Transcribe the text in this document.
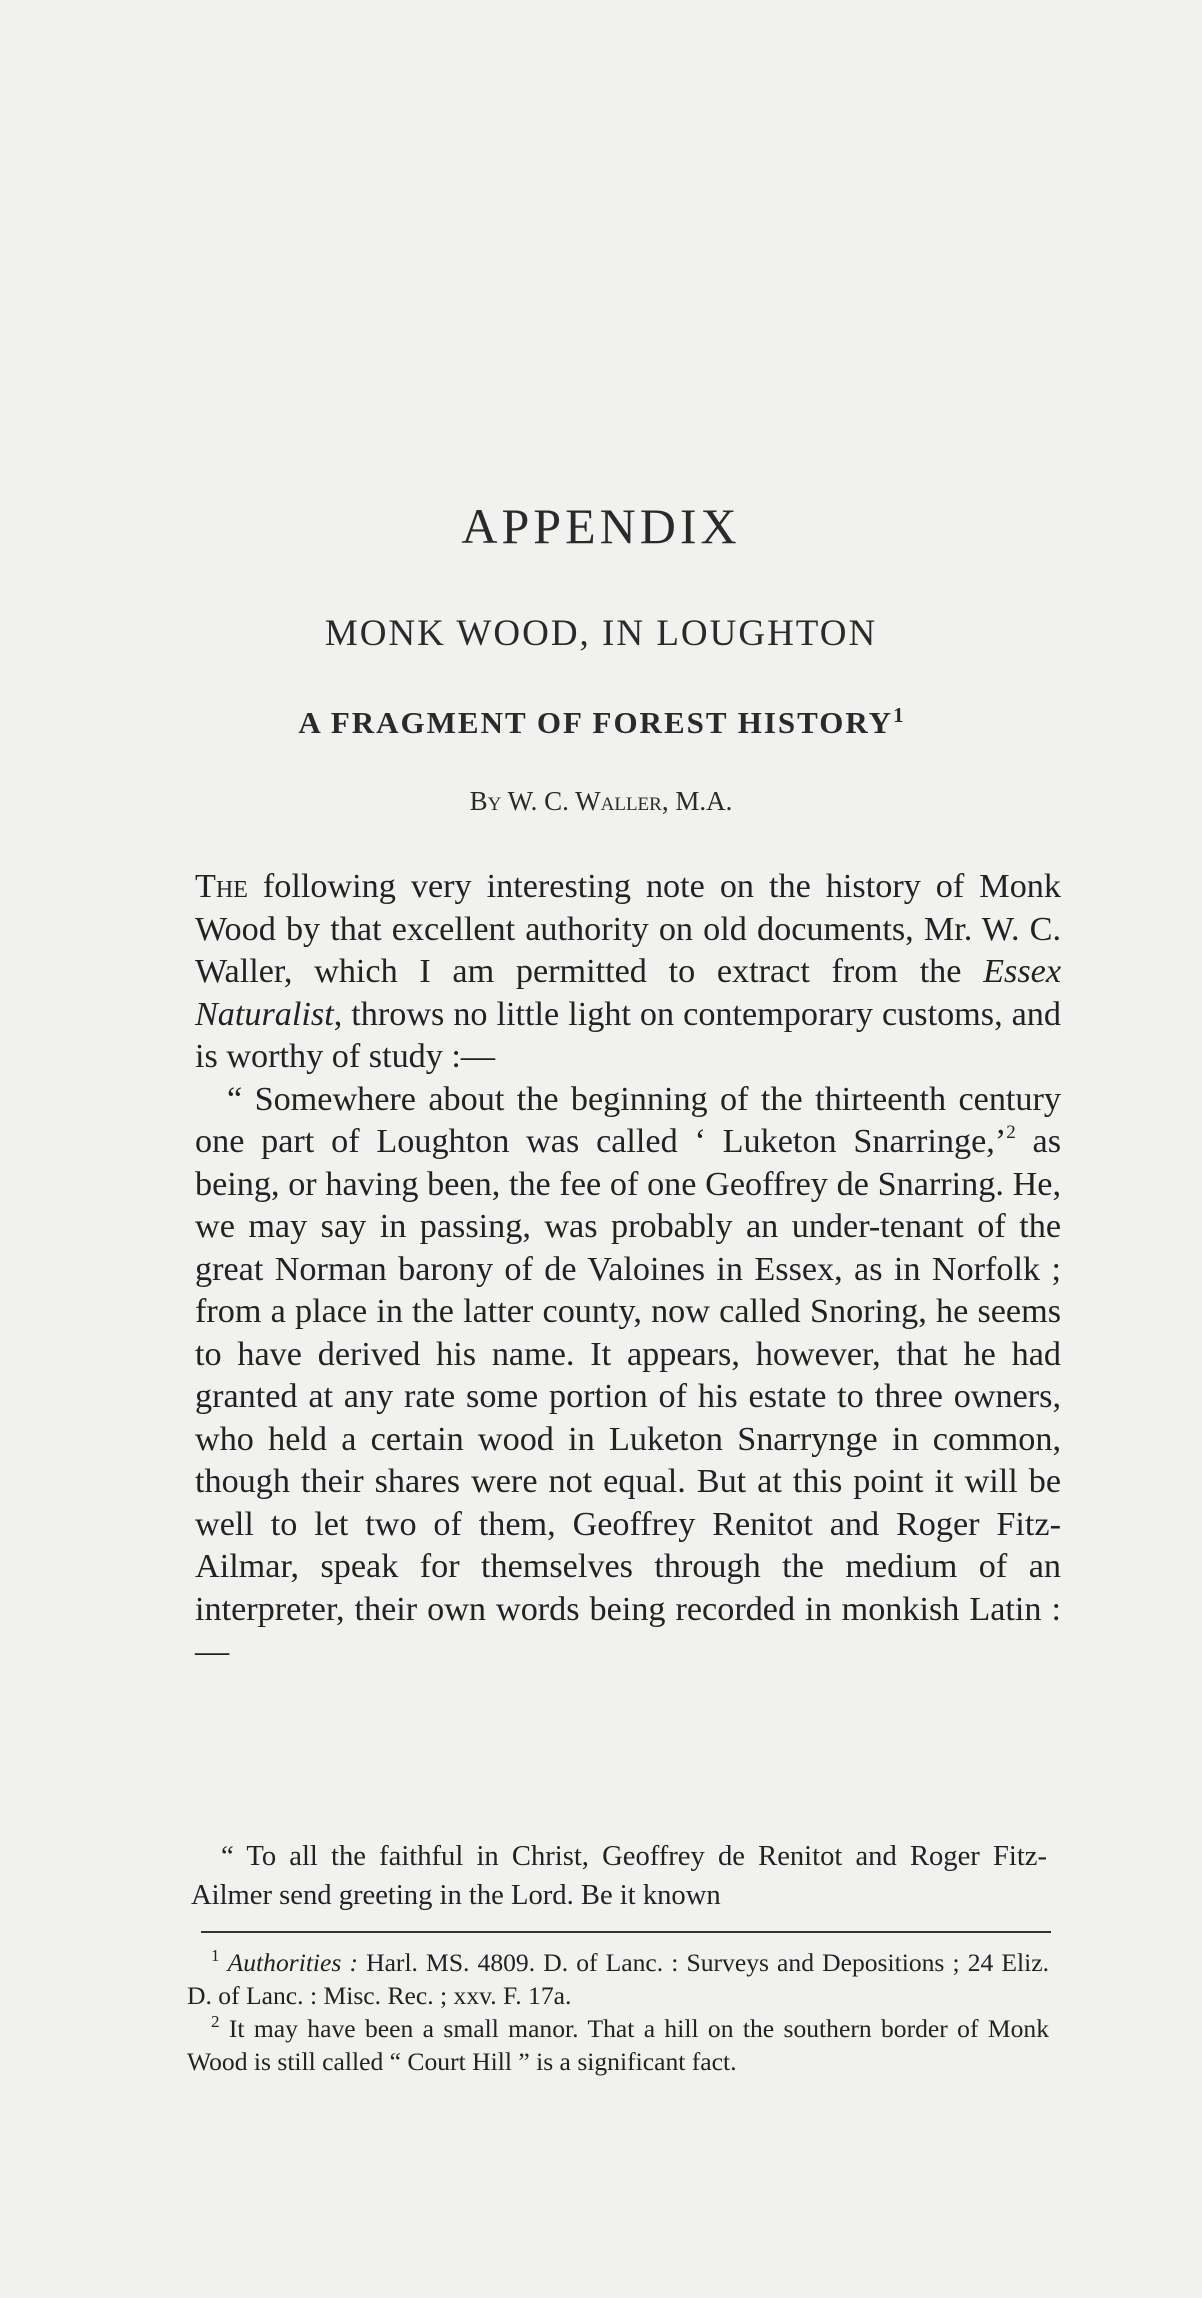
APPENDIX
MONK WOOD, IN LOUGHTON
A FRAGMENT OF FOREST HISTORY$^1$
By W. C. Waller, M.A.

The following very interesting note on the history of Monk Wood by that excellent authority on old documents, Mr. W. C. Waller, which I am permitted to extract from the Essex Naturalist, throws no little light on contemporary customs, and is worthy of study :—

“ Somewhere about the beginning of the thirteenth century one part of Loughton was called ‘ Luketon Snarringe,’$^2$ as being, or having been, the fee of one Geoffrey de Snarring. He, we may say in passing, was probably an under-tenant of the great Norman barony of de Valoines in Essex, as in Norfolk ; from a place in the latter county, now called Snoring, he seems to have derived his name. It appears, however, that he had granted at any rate some portion of his estate to three owners, who held a certain wood in Luketon Snarrynge in common, though their shares were not equal. But at this point it will be well to let two of them, Geoffrey Renitot and Roger Fitz-Ailmar, speak for themselves through the medium of an interpreter, their own words being recorded in monkish Latin :—

“ To all the faithful in Christ, Geoffrey de Renitot and Roger Fitz-Ailmer send greeting in the Lord. Be it known

$^1$ Authorities : Harl. MS. 4809. D. of Lanc. : Surveys and Depositions ; 24 Eliz. D. of Lanc. : Misc. Rec. ; xxv. F. 17a.

$^2$ It may have been a small manor. That a hill on the southern border of Monk Wood is still called “ Court Hill ” is a significant fact.
